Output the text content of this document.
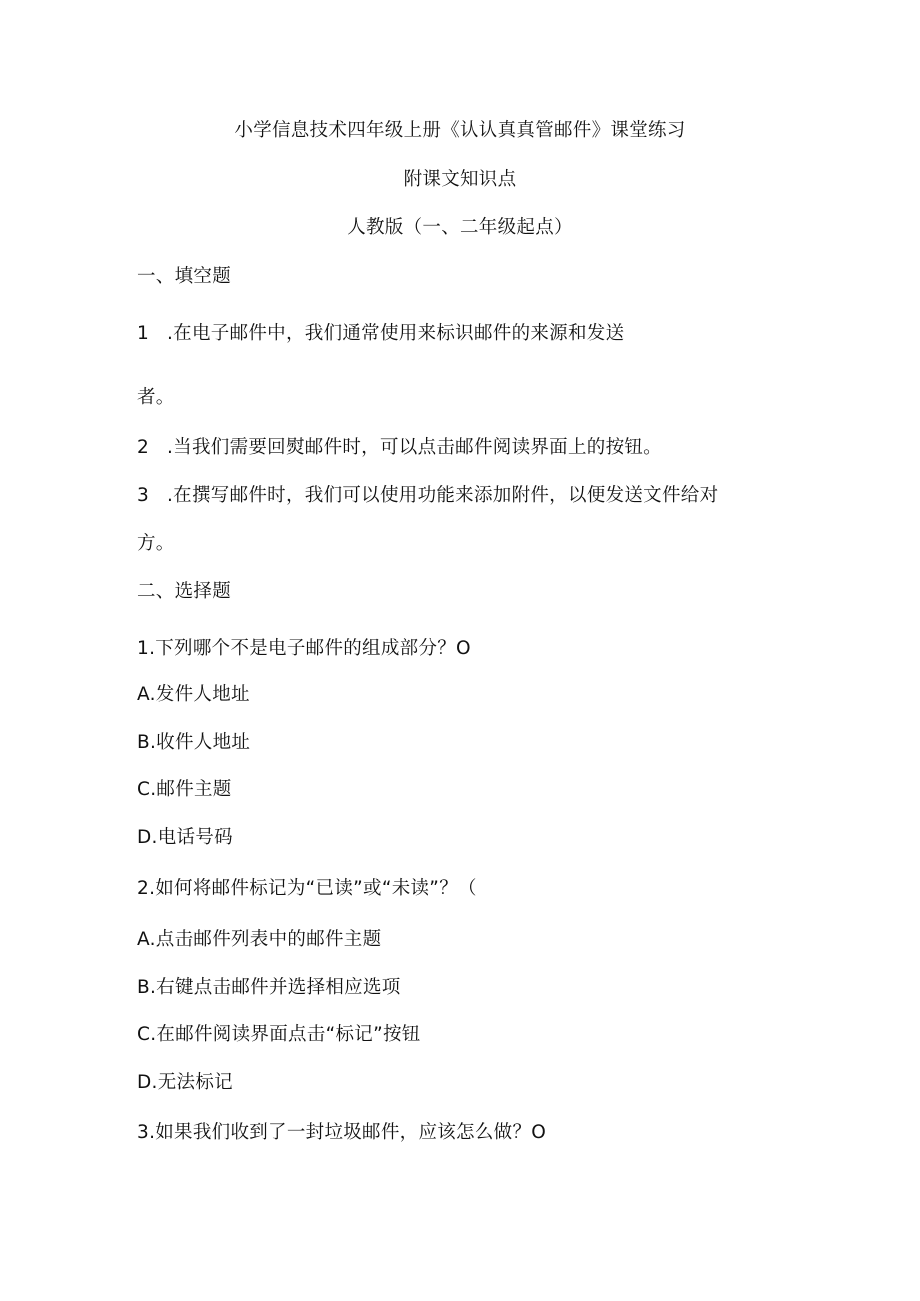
小学信息技术四年级上册《认认真真管邮件》课堂练习
附课文知识点
人教版（一、二年级起点）
一、填空题
1 .在电子邮件中，我们通常使用来标识邮件的来源和发送
者。
2 .当我们需要回熨邮件时，可以点击邮件阅读界面上的按钮。
3 .在撰写邮件时，我们可以使用功能来添加附件，以便发送文件给对
方。
二、选择题
1.下列哪个不是电子邮件的组成部分？O
A.发件人地址
B.收件人地址
C.邮件主题
D.电话号码
2.如何将邮件标记为“已读”或“未读”？（
A.点击邮件列表中的邮件主题
B.右键点击邮件并选择相应选项
C.在邮件阅读界面点击“标记”按钮
D.无法标记
3.如果我们收到了一封垃圾邮件，应该怎么做？O
